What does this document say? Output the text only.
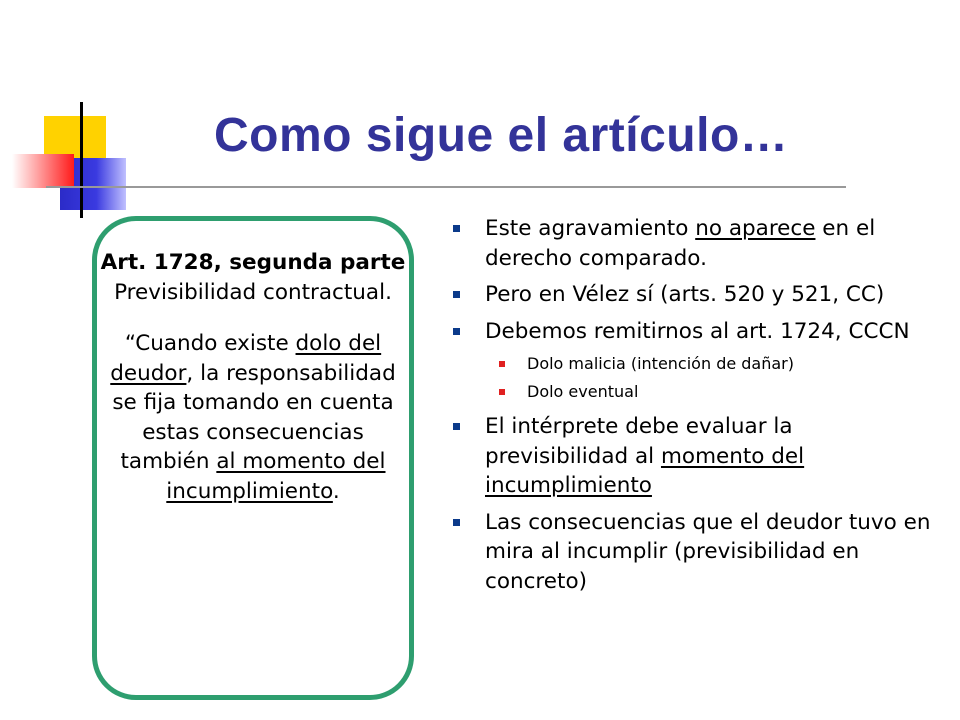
Como sigue el artículo…
Art. 1728, segunda parte
Previsibilidad contractual.
“Cuando existe dolo del deudor, la responsabilidad se fija tomando en cuenta estas consecuencias también al momento del incumplimiento.
Este agravamiento no aparece en el derecho comparado.
Pero en Vélez sí (arts. 520 y 521, CC)
Debemos remitirnos al art. 1724, CCCN
Dolo malicia (intención de dañar)
Dolo eventual
El intérprete debe evaluar la previsibilidad al momento del incumplimiento
Las consecuencias que el deudor tuvo en mira al incumplir (previsibilidad en concreto)
